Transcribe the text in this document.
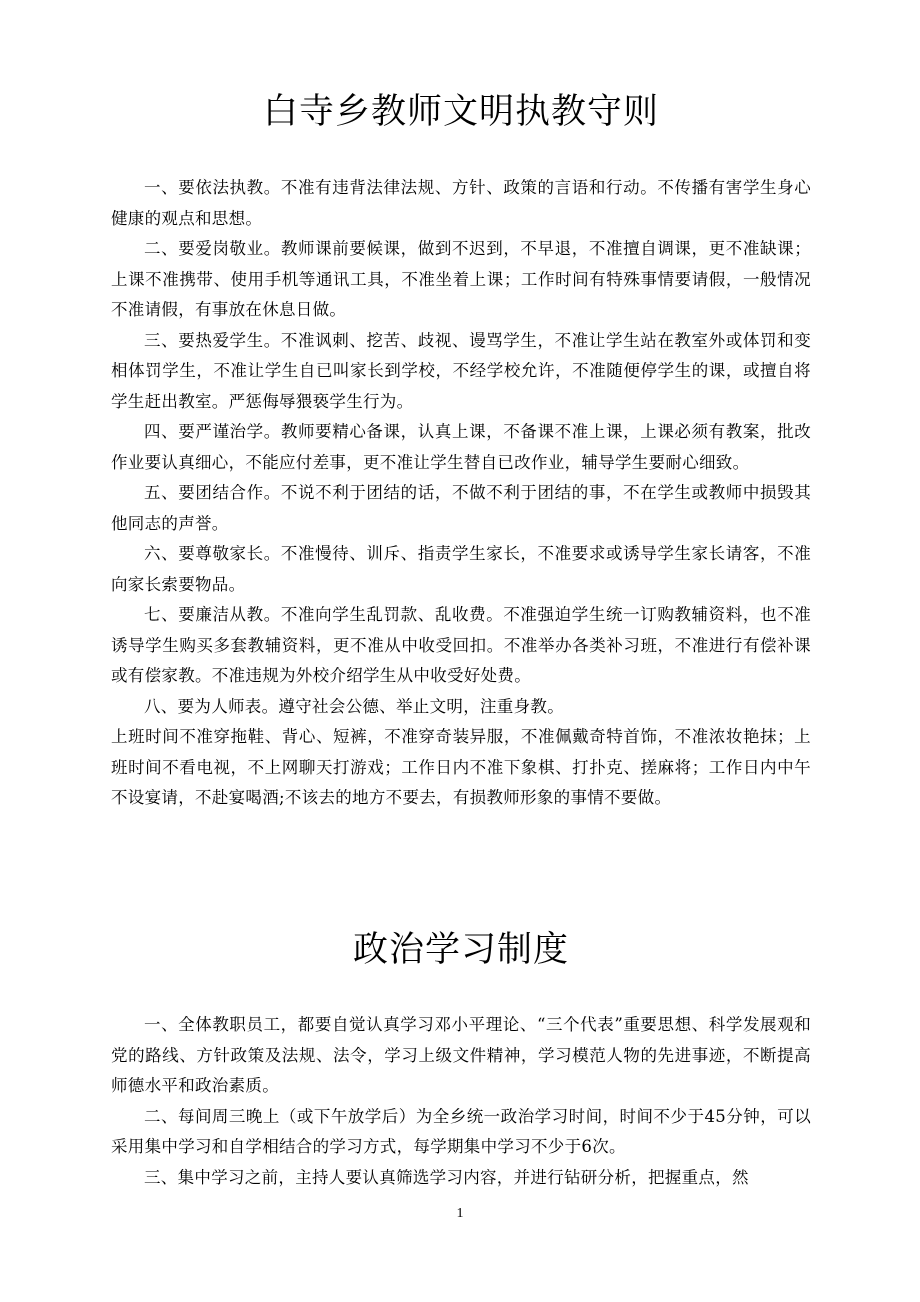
白寺乡教师文明执教守则

一、要依法执教。不准有违背法律法规、方针、政策的言语和行动。不传播有害学生身心健康的观点和思想。

二、要爱岗敬业。教师课前要候课，做到不迟到，不早退，不准擅自调课，更不准缺课；上课不准携带、使用手机等通讯工具，不准坐着上课；工作时间有特殊事情要请假，一般情况不准请假，有事放在休息日做。

三、要热爱学生。不准讽刺、挖苦、歧视、谩骂学生，不准让学生站在教室外或体罚和变相体罚学生，不准让学生自已叫家长到学校，不经学校允许，不准随便停学生的课，或擅自将学生赶出教室。严惩侮辱猥亵学生行为。

四、要严谨治学。教师要精心备课，认真上课，不备课不准上课，上课必须有教案，批改作业要认真细心，不能应付差事，更不准让学生替自已改作业，辅导学生要耐心细致。

五、要团结合作。不说不利于团结的话，不做不利于团结的事，不在学生或教师中损毁其他同志的声誉。

六、要尊敬家长。不准慢待、训斥、指责学生家长，不准要求或诱导学生家长请客，不准向家长索要物品。

七、要廉洁从教。不准向学生乱罚款、乱收费。不准强迫学生统一订购教辅资料，也不准诱导学生购买多套教辅资料，更不准从中收受回扣。不准举办各类补习班，不准进行有偿补课或有偿家教。不准违规为外校介绍学生从中收受好处费。

八、要为人师表。遵守社会公德、举止文明，注重身教。

上班时间不准穿拖鞋、背心、短裤，不准穿奇装异服，不准佩戴奇特首饰，不准浓妆艳抹；上班时间不看电视，不上网聊天打游戏；工作日内不准下象棋、打扑克、搓麻将；工作日内中午不设宴请，不赴宴喝酒;不该去的地方不要去，有损教师形象的事情不要做。

政治学习制度

一、全体教职员工，都要自觉认真学习邓小平理论、“三个代表”重要思想、科学发展观和党的路线、方针政策及法规、法令，学习上级文件精神，学习模范人物的先进事迹，不断提高师德水平和政治素质。

二、每间周三晚上（或下午放学后）为全乡统一政治学习时间，时间不少于45分钟，可以采用集中学习和自学相结合的学习方式，每学期集中学习不少于6次。

三、集中学习之前，主持人要认真筛选学习内容，并进行钻研分析，把握重点，然

1
